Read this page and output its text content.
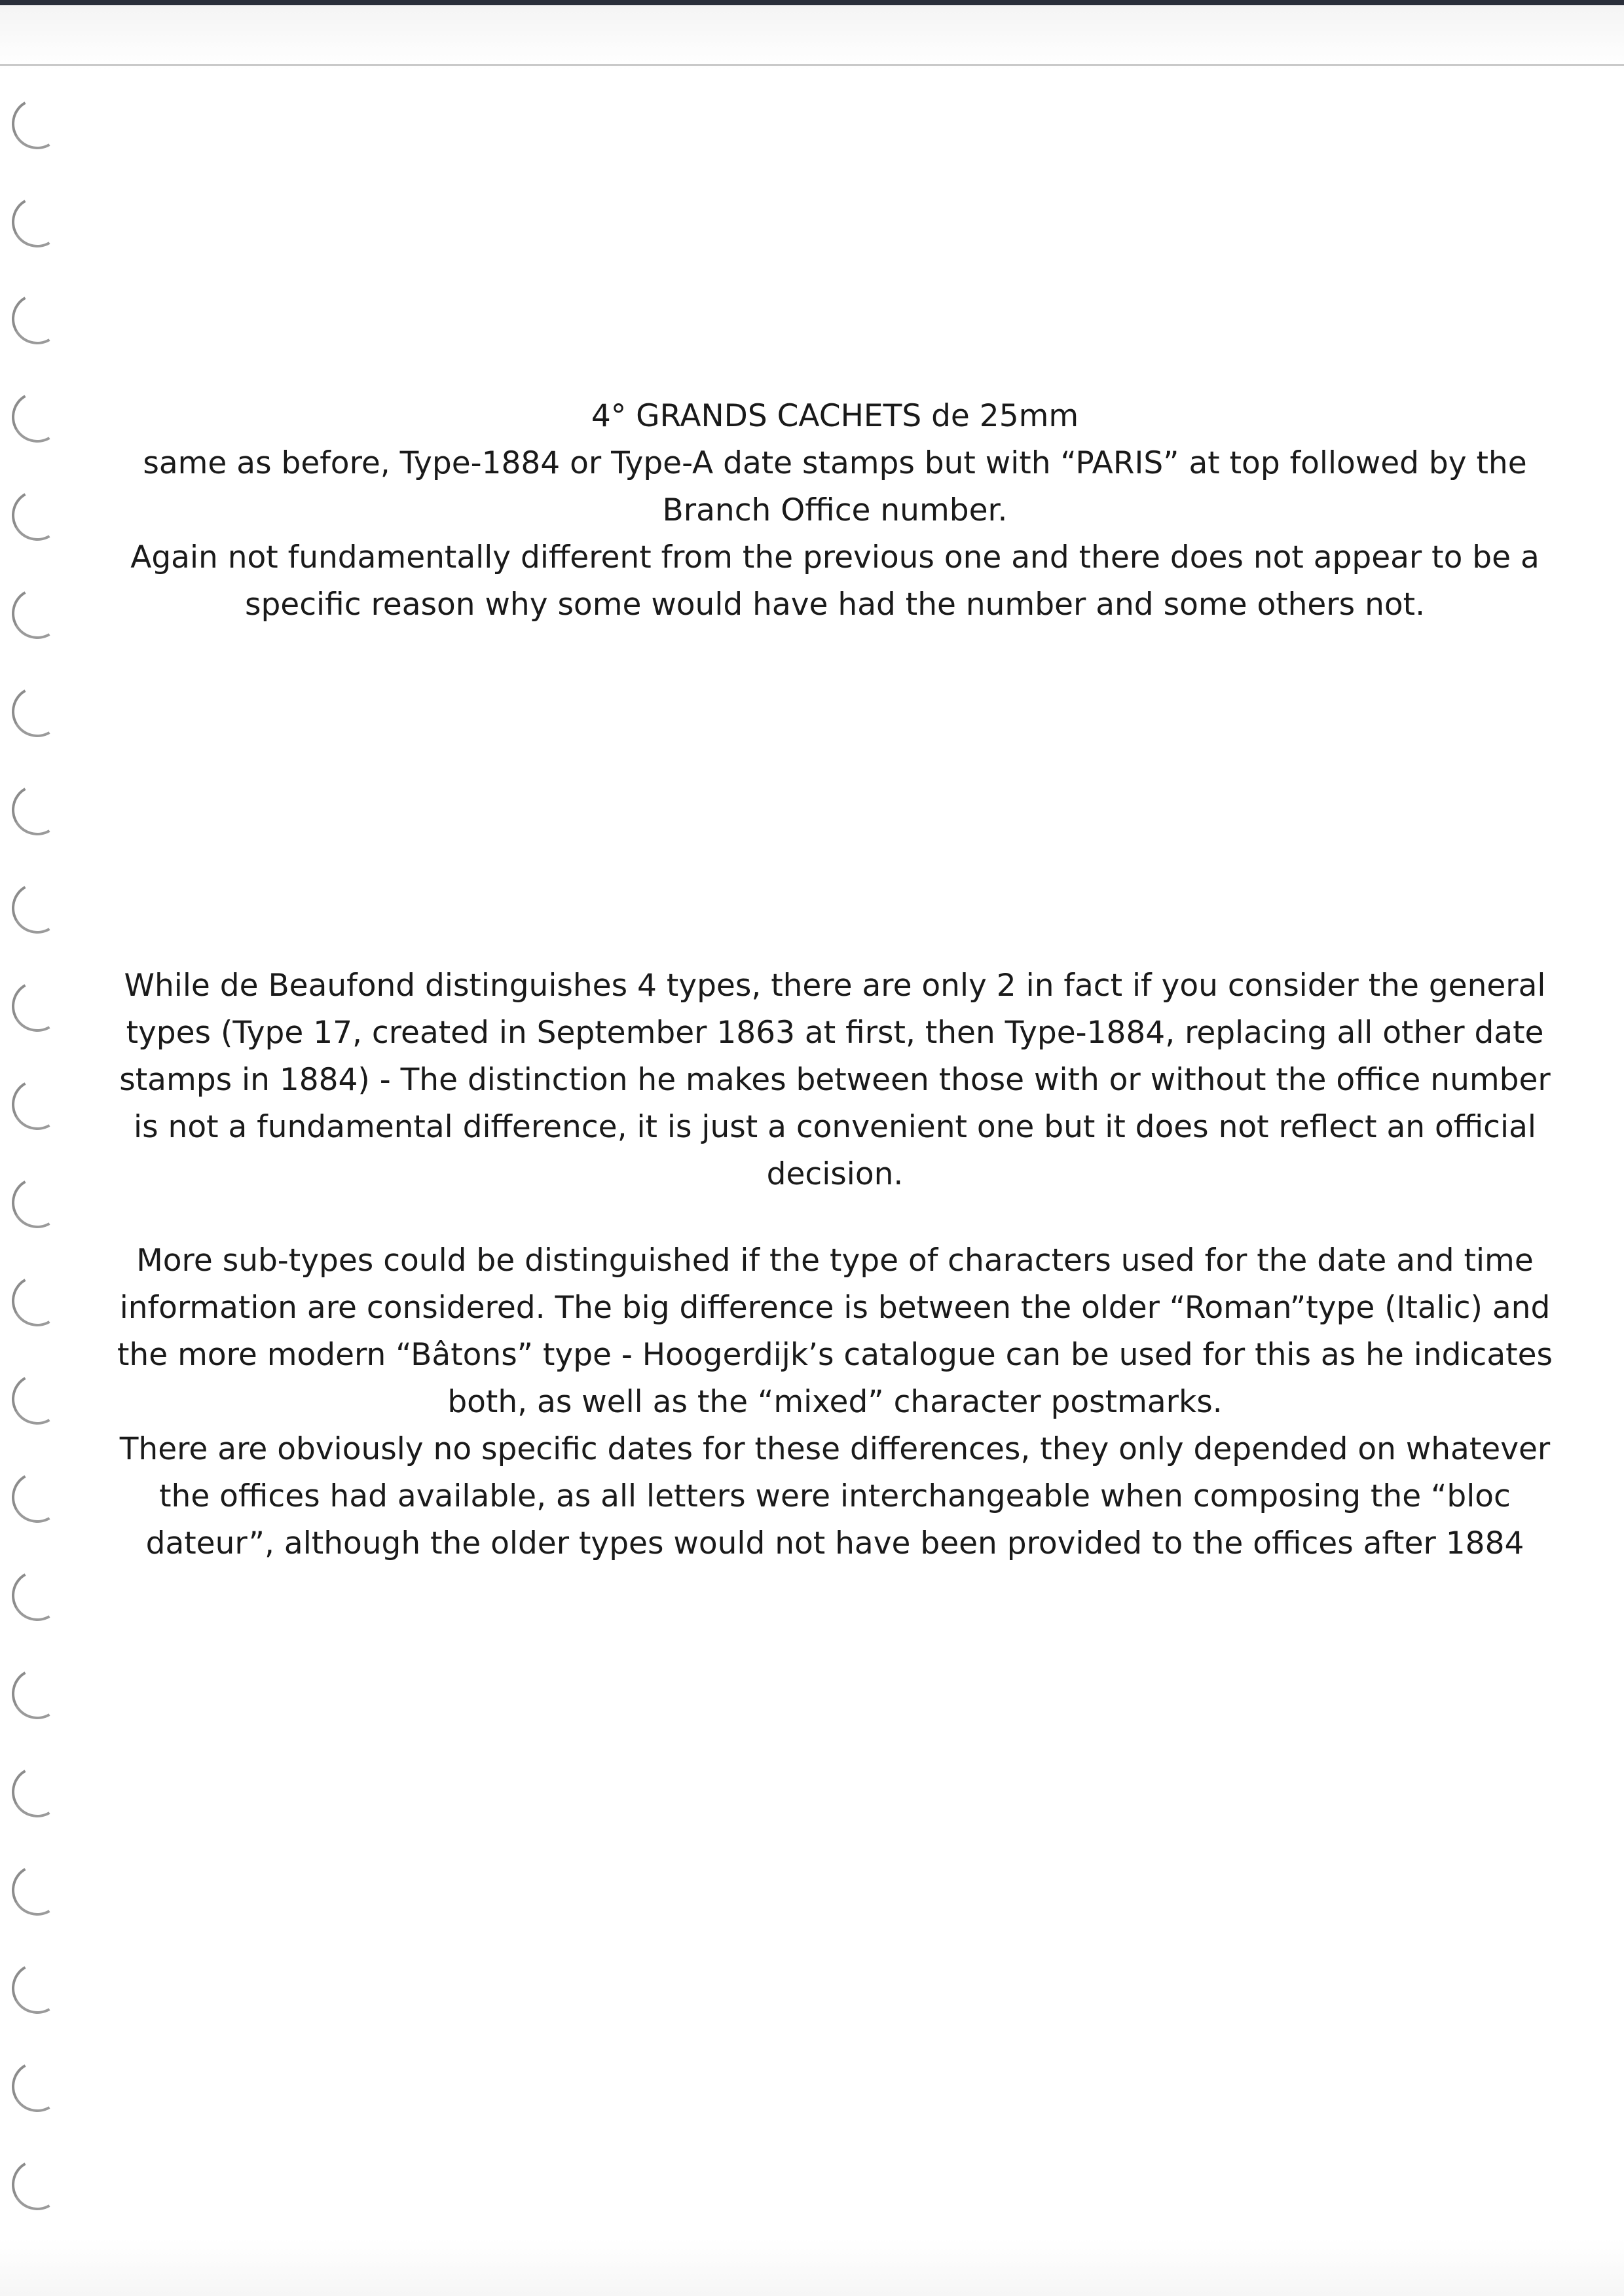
4° GRANDS CACHETS de 25mm

same as before, Type-1884 or Type-A date stamps but with “PARIS” at top followed by the Branch Office number.

Again not fundamentally different from the previous one and there does not appear to be a specific reason why some would have had the number and some others not.

While de Beaufond distinguishes 4 types, there are only 2 in fact if you consider the general types (Type 17, created in September 1863 at first, then Type-1884, replacing all other date stamps in 1884) - The distinction he makes between those with or without the office number is not a fundamental difference, it is just a convenient one but it does not reflect an official decision.

More sub-types could be distinguished if the type of characters used for the date and time information are considered. The big difference is between the older “Roman”type (Italic) and the more modern “Bâtons” type - Hoogerdijk’s catalogue can be used for this as he indicates both, as well as the “mixed” character postmarks.

There are obviously no specific dates for these differences, they only depended on whatever the offices had available, as all letters were interchangeable when composing the “bloc dateur”, although the older types would not have been provided to the offices after 1884
